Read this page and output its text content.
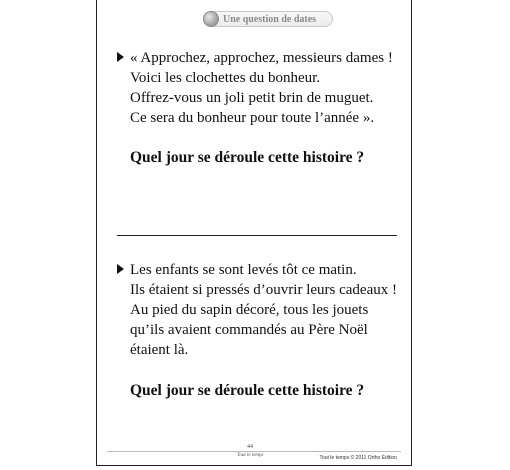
Une question de dates
« Approchez, approchez, messieurs dames !
Voici les clochettes du bonheur.
Offrez-vous un joli petit brin de muguet.
Ce sera du bonheur pour toute l’année ».
Quel jour se déroule cette histoire ?
Les enfants se sont levés tôt ce matin.
Ils étaient si pressés d’ouvrir leurs cadeaux !
Au pied du sapin décoré, tous les jouets
qu’ils avaient commandés au Père Noël
étaient là.
Quel jour se déroule cette histoire ?
44
Tout le temps	Tout le temps © 2011 Ortho Édition
